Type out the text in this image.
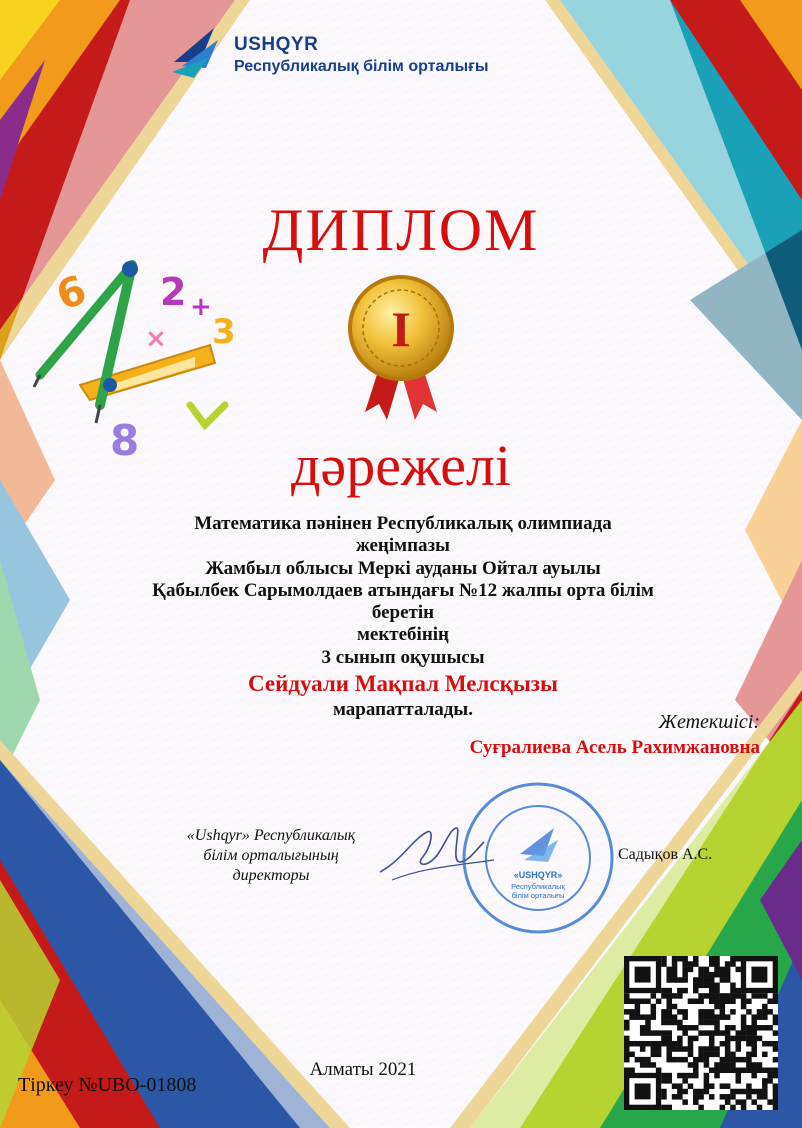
USHQYR
Республикалық білім орталығы
6 2 +
3
×
8
ДИПЛОМ
I
дәрежелі
Математика пәнінен Республикалық олимпиада
жеңімпазы
Жамбыл облысы Меркі ауданы Ойтал ауылы
Қабылбек Сарымолдаев атындағы №12 жалпы орта білім беретін
мектебінің
3 сынып оқушысы
Сейдуали Мақпал Мелсқызы
марапатталады.
Жетекшісі:
Суғралиева Асель Рахимжановна
«Ushqyr» Республикалық
білім орталығының
директоры	«USHQYR»
Республикалық
білім орталығы
Садықов А.С.
Алматы 2021
Тіркеу №UBO-01808
